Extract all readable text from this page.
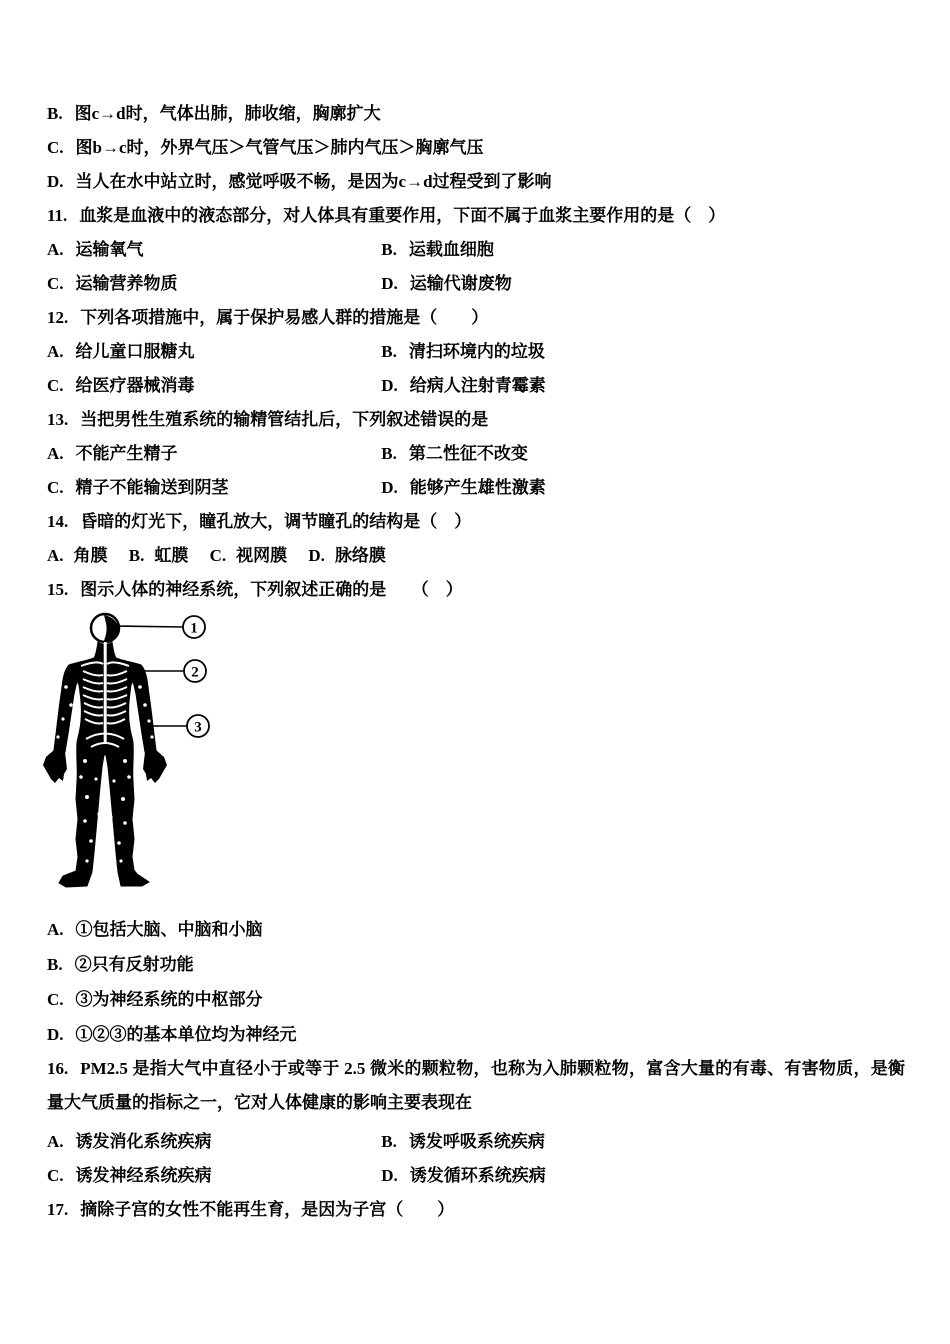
B. 图c→d时，气体出肺，肺收缩，胸廓扩大
C. 图b→c时，外界气压＞气管气压＞肺内气压＞胸廓气压
D. 当人在水中站立时，感觉呼吸不畅，是因为c→d过程受到了影响
11. 血浆是血液中的液态部分，对人体具有重要作用，下面不属于血浆主要作用的是（　）
A. 运输氧气	B. 运载血细胞
C. 运输营养物质	D. 运输代谢废物
12. 下列各项措施中，属于保护易感人群的措施是（　　）
A. 给儿童口服糖丸	B. 清扫环境内的垃圾
C. 给医疗器械消毒	D. 给病人注射青霉素
13. 当把男性生殖系统的输精管结扎后，下列叙述错误的是
A. 不能产生精子	B. 第二性征不改变
C. 精子不能输送到阴茎	D. 能够产生雄性激素
14. 昏暗的灯光下，瞳孔放大，调节瞳孔的结构是（　）
A. 角膜 B. 虹膜 C. 视网膜 D. 脉络膜
15. 图示人体的神经系统，下列叙述正确的是　　（　）
1
2
3
A. ①包括大脑、中脑和小脑
B. ②只有反射功能
C. ③为神经系统的中枢部分
D. ①②③的基本单位均为神经元
16. PM2.5 是指大气中直径小于或等于 2.5 微米的颗粒物，也称为入肺颗粒物，富含大量的有毒、有害物质，是衡量大气质量的指标之一，它对人体健康的影响主要表现在
A. 诱发消化系统疾病	B. 诱发呼吸系统疾病
C. 诱发神经系统疾病	D. 诱发循环系统疾病
17. 摘除子宫的女性不能再生育，是因为子宫（　　）
